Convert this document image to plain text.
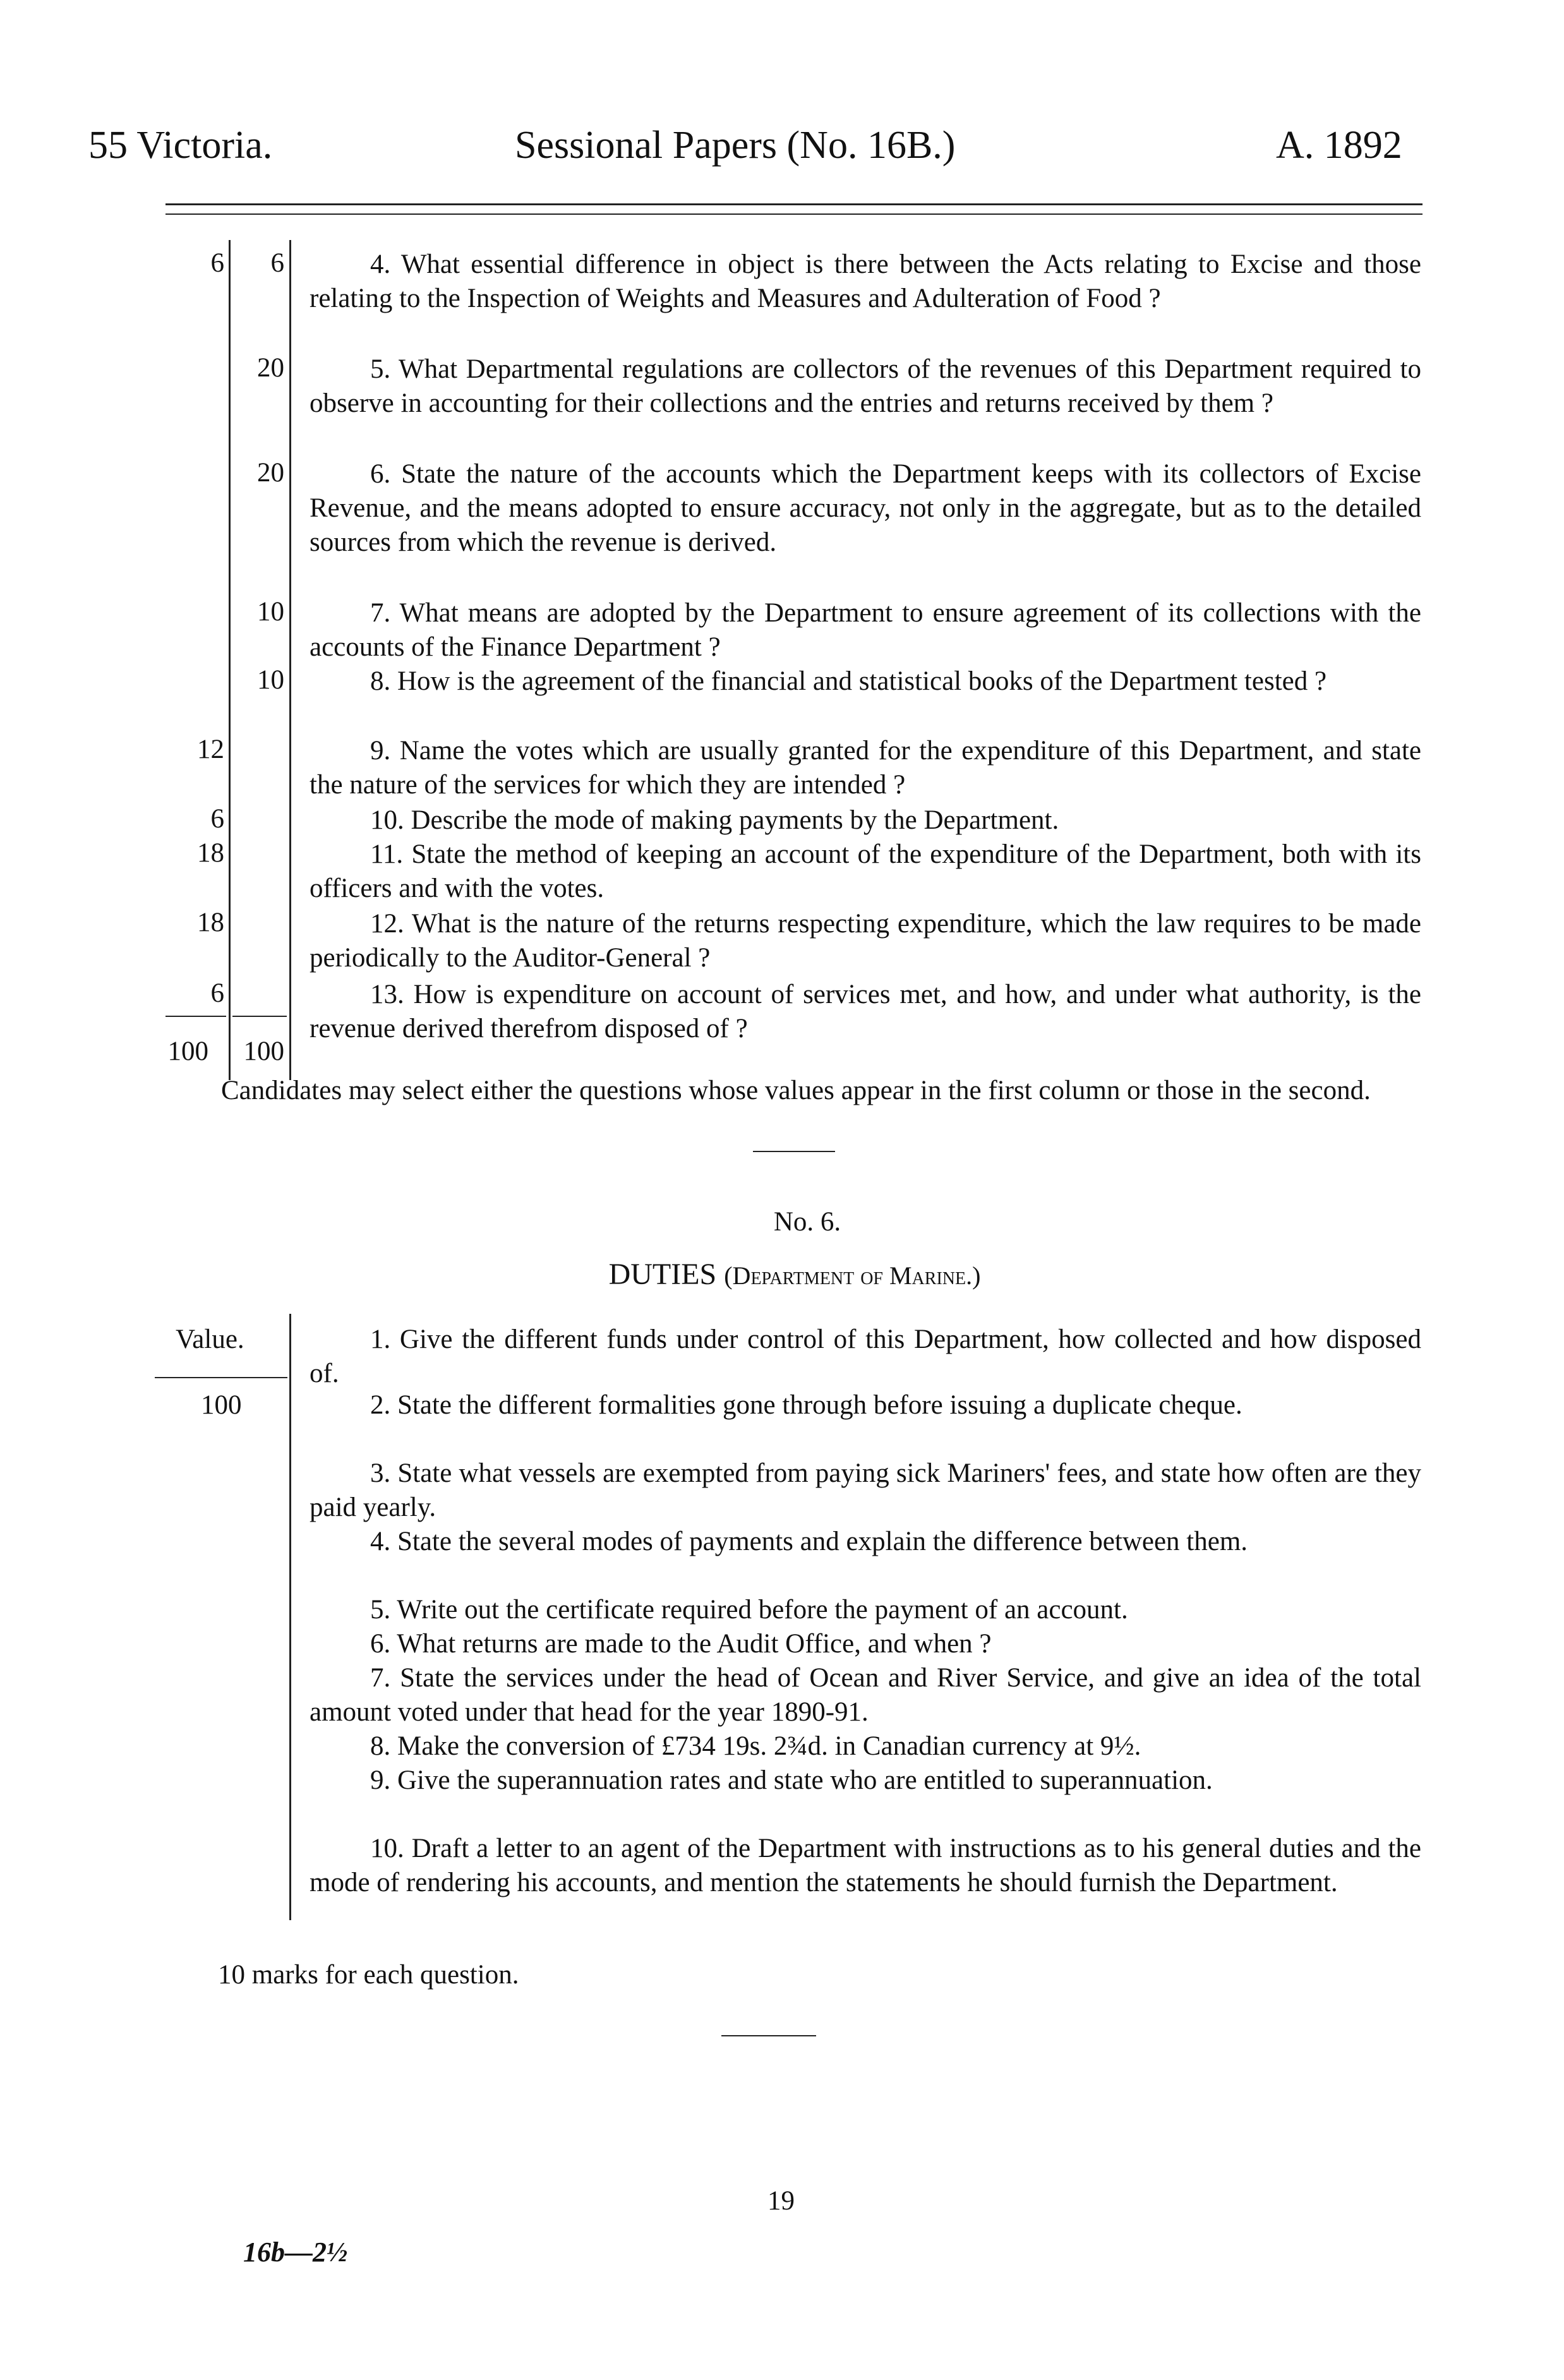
55 Victoria.	Sessional Papers (No. 16B.)	A. 1892
6
12
6
18
18
6
100
6
20
20
10
10
100
4. What essential difference in object is there between the Acts relating to Excise and those relating to the Inspection of Weights and Measures and Adulteration of Food ?
5. What Departmental regulations are collectors of the revenues of this Department required to observe in accounting for their collections and the entries and returns received by them ?
6. State the nature of the accounts which the Department keeps with its collectors of Excise Revenue, and the means adopted to ensure accuracy, not only in the aggregate, but as to the detailed sources from which the revenue is derived.
7. What means are adopted by the Department to ensure agreement of its collections with the accounts of the Finance Department ?
8. How is the agreement of the financial and statistical books of the Department tested ?
9. Name the votes which are usually granted for the expenditure of this Department, and state the nature of the services for which they are intended ?
10. Describe the mode of making payments by the Department.
11. State the method of keeping an account of the expenditure of the Department, both with its officers and with the votes.
12. What is the nature of the returns respecting expenditure, which the law requires to be made periodically to the Auditor-General ?
13. How is expenditure on account of services met, and how, and under what authority, is the revenue derived therefrom disposed of ?
Candidates may select either the questions whose values appear in the first column or those in the second.
No. 6.
DUTIES (Department of Marine.)
Value.
100
1. Give the different funds under control of this Department, how collected and how disposed of.
2. State the different formalities gone through before issuing a duplicate cheque.
3. State what vessels are exempted from paying sick Mariners' fees, and state how often are they paid yearly.
4. State the several modes of payments and explain the difference between them.
5. Write out the certificate required before the payment of an account.
6. What returns are made to the Audit Office, and when ?
7. State the services under the head of Ocean and River Service, and give an idea of the total amount voted under that head for the year 1890-91.
8. Make the conversion of £734 19s. 2¾d. in Canadian currency at 9½.
9. Give the superannuation rates and state who are entitled to superannuation.
10. Draft a letter to an agent of the Department with instructions as to his general duties and the mode of rendering his accounts, and mention the statements he should furnish the Department.
10 marks for each question.
19
16b—2½
